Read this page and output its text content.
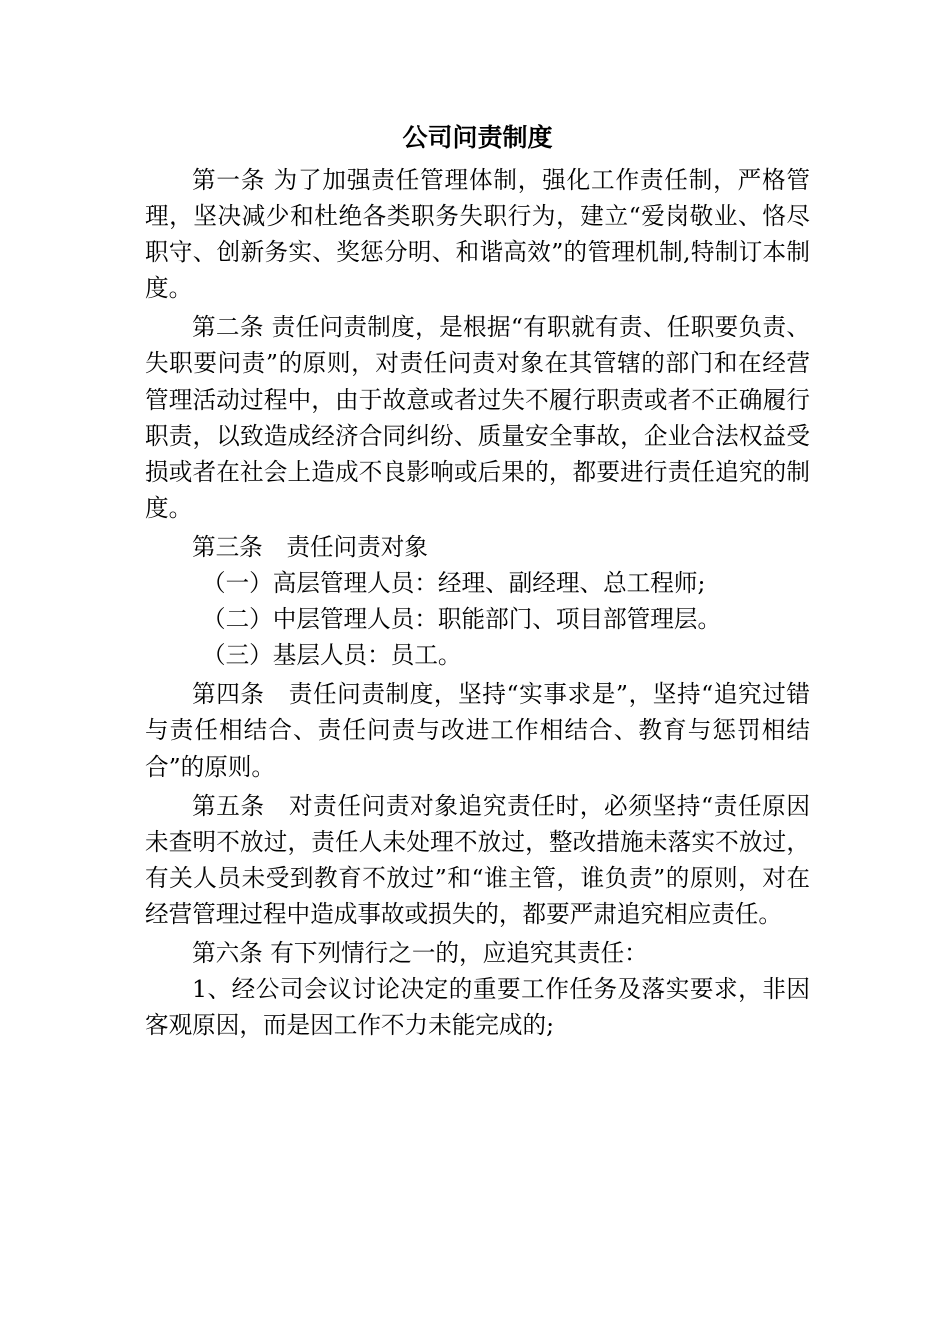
公司问责制度

第一条 为了加强责任管理体制，强化工作责任制，严格管理，坚决减少和杜绝各类职务失职行为，建立“爱岗敬业、恪尽职守、创新务实、奖惩分明、和谐高效”的管理机制,特制订本制度。

第二条 责任问责制度，是根据“有职就有责、任职要负责、失职要问责”的原则，对责任问责对象在其管辖的部门和在经营管理活动过程中，由于故意或者过失不履行职责或者不正确履行职责，以致造成经济合同纠纷、质量安全事故，企业合法权益受损或者在社会上造成不良影响或后果的，都要进行责任追究的制度。

第三条　责任问责对象

（一）高层管理人员：经理、副经理、总工程师;

（二）中层管理人员：职能部门、项目部管理层。

（三）基层人员：员工。

第四条　责任问责制度，坚持“实事求是”，坚持“追究过错与责任相结合、责任问责与改进工作相结合、教育与惩罚相结合”的原则。

第五条　对责任问责对象追究责任时，必须坚持“责任原因未查明不放过，责任人未处理不放过，整改措施未落实不放过，有关人员未受到教育不放过”和“谁主管，谁负责”的原则，对在经营管理过程中造成事故或损失的，都要严肃追究相应责任。

第六条 有下列情行之一的，应追究其责任：

1、经公司会议讨论决定的重要工作任务及落实要求，非因客观原因，而是因工作不力未能完成的;
